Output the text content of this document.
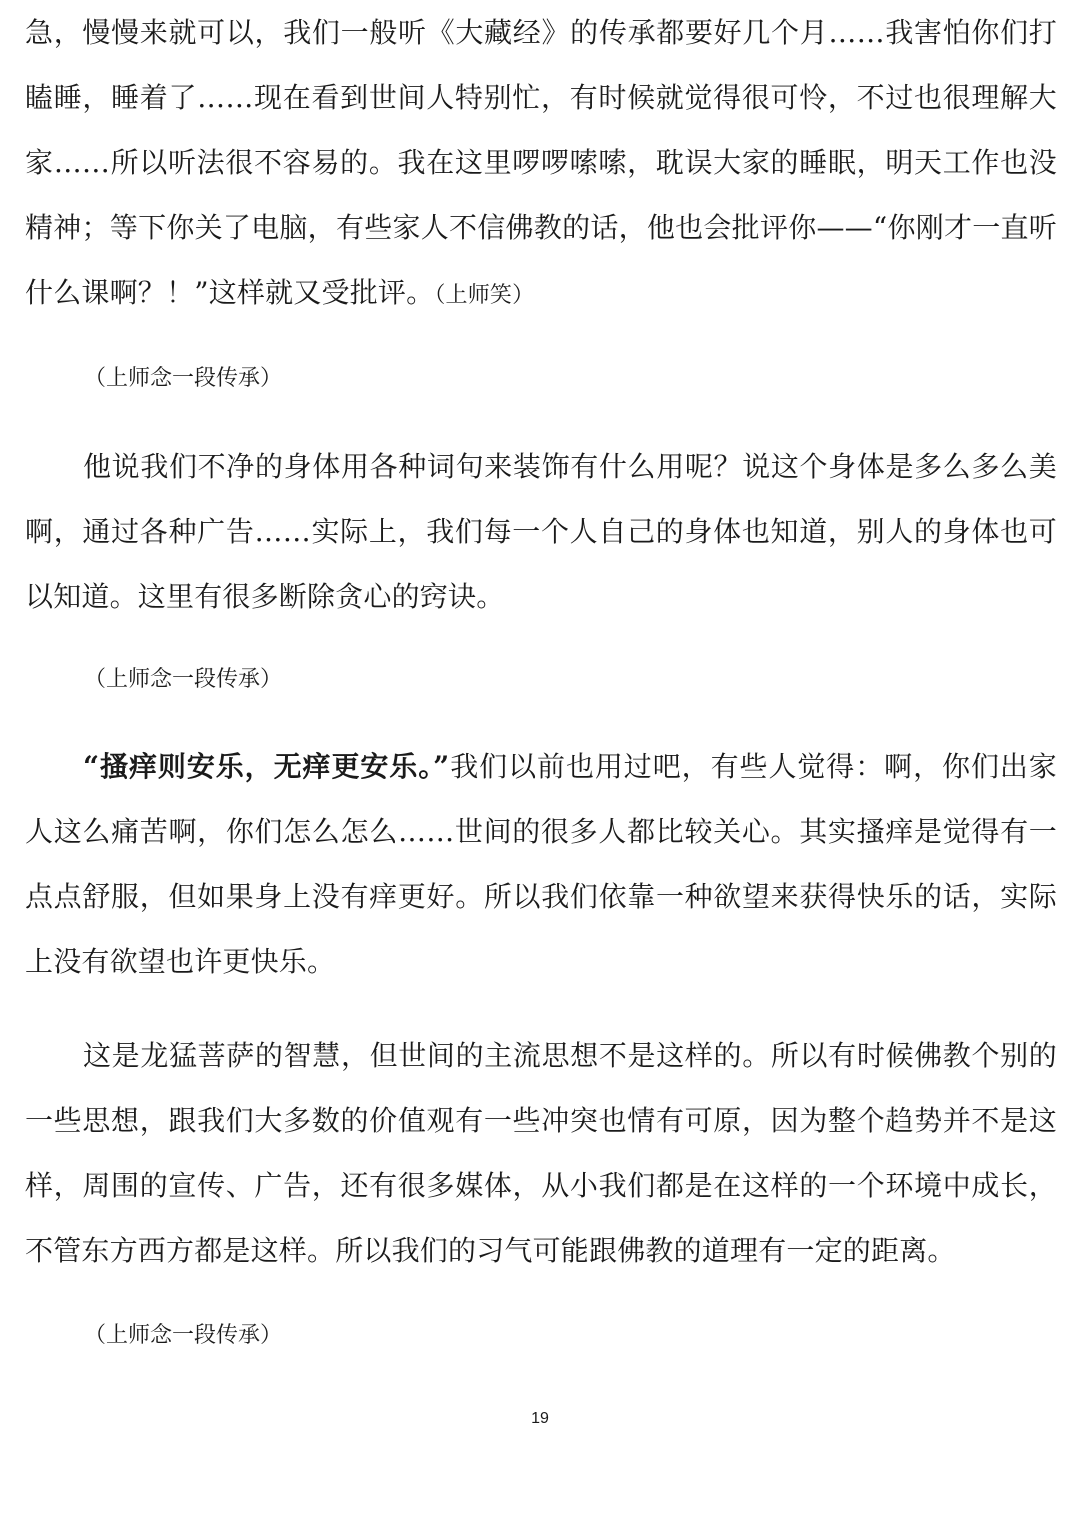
急，慢慢来就可以，我们一般听《大藏经》的传承都要好几个月……我害怕你们打瞌睡，睡着了……现在看到世间人特别忙，有时候就觉得很可怜，不过也很理解大家……所以听法很不容易的。我在这里啰啰嗦嗦，耽误大家的睡眠，明天工作也没精神；等下你关了电脑，有些家人不信佛教的话，他也会批评你——“你刚才一直听什么课啊？！”这样就又受批评。（上师笑）

（上师念一段传承）

他说我们不净的身体用各种词句来装饰有什么用呢？说这个身体是多么多么美啊，通过各种广告……实际上，我们每一个人自己的身体也知道，别人的身体也可以知道。这里有很多断除贪心的窍诀。

（上师念一段传承）

“搔痒则安乐，无痒更安乐。”我们以前也用过吧，有些人觉得：啊，你们出家人这么痛苦啊，你们怎么怎么……世间的很多人都比较关心。其实搔痒是觉得有一点点舒服，但如果身上没有痒更好。所以我们依靠一种欲望来获得快乐的话，实际上没有欲望也许更快乐。

这是龙猛菩萨的智慧，但世间的主流思想不是这样的。所以有时候佛教个别的一些思想，跟我们大多数的价值观有一些冲突也情有可原，因为整个趋势并不是这样，周围的宣传、广告，还有很多媒体，从小我们都是在这样的一个环境中成长，不管东方西方都是这样。所以我们的习气可能跟佛教的道理有一定的距离。

（上师念一段传承）

19
